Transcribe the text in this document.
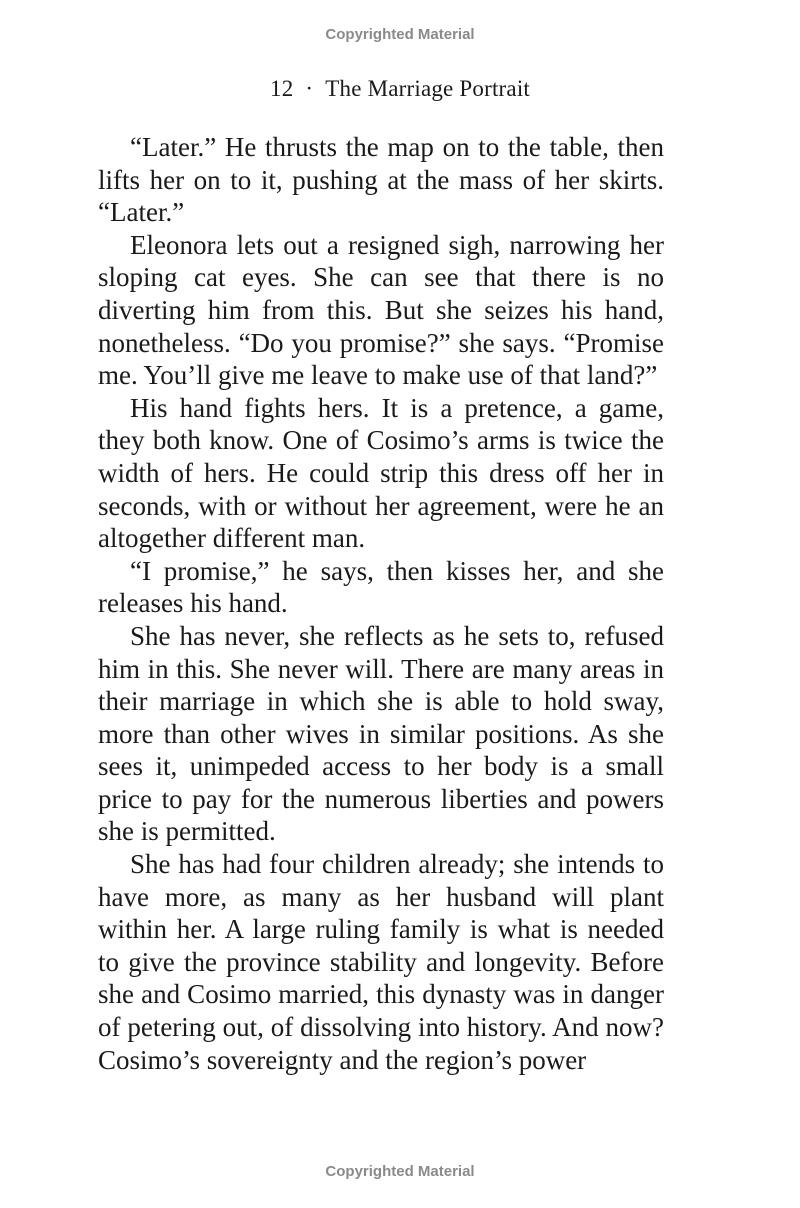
Copyrighted Material
12 · The Marriage Portrait

“Later.” He thrusts the map on to the table, then lifts her on to it, pushing at the mass of her skirts. “Later.”

Eleonora lets out a resigned sigh, narrowing her sloping cat eyes. She can see that there is no diverting him from this. But she seizes his hand, nonetheless. “Do you promise?” she says. “Promise me. You’ll give me leave to make use of that land?”

His hand fights hers. It is a pretence, a game, they both know. One of Cosimo’s arms is twice the width of hers. He could strip this dress off her in seconds, with or without her agreement, were he an altogether different man.

“I promise,” he says, then kisses her, and she releases his hand.

She has never, she reflects as he sets to, refused him in this. She never will. There are many areas in their marriage in which she is able to hold sway, more than other wives in similar positions. As she sees it, unimpeded access to her body is a small price to pay for the numerous liberties and powers she is permitted.

She has had four children already; she intends to have more, as many as her husband will plant within her. A large ruling family is what is needed to give the province stability and longevity. Before she and Cosimo married, this dynasty was in danger of petering out, of dissolving into history. And now? Cosimo’s sovereignty and the region’s power

Copyrighted Material
